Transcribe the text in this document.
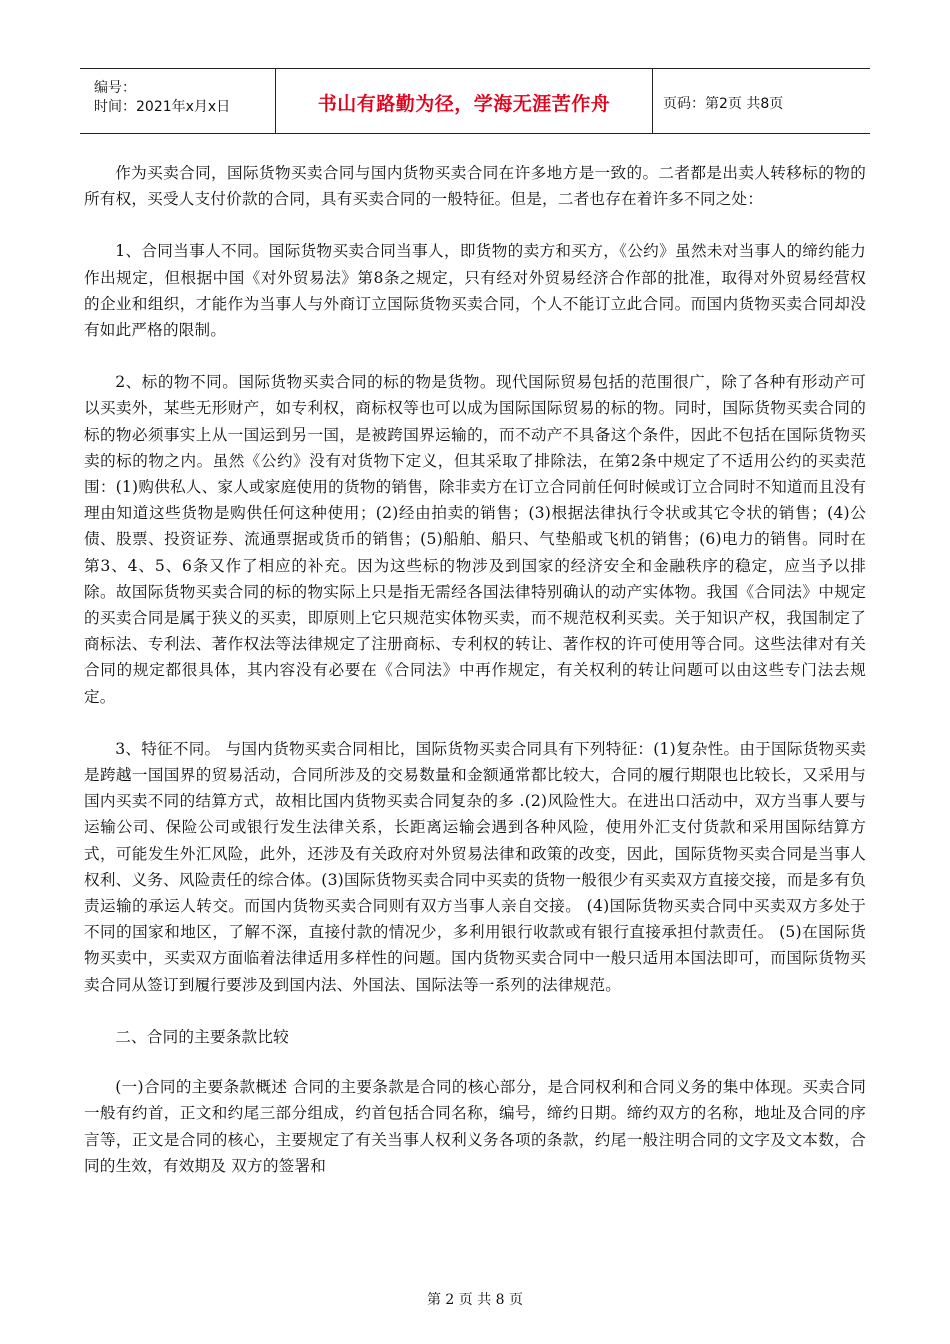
编号：
时间：2021年x月x日	书山有路勤为径，学海无涯苦作舟	页码：第2页 共8页

作为买卖合同，国际货物买卖合同与国内货物买卖合同在许多地方是一致的。二者都是出卖人转移标的物的所有权，买受人支付价款的合同，具有买卖合同的一般特征。但是，二者也存在着许多不同之处：

1、合同当事人不同。国际货物买卖合同当事人，即货物的卖方和买方，《公约》虽然未对当事人的缔约能力作出规定，但根据中国《对外贸易法》第8条之规定，只有经对外贸易经济合作部的批准，取得对外贸易经营权的企业和组织，才能作为当事人与外商订立国际货物买卖合同，个人不能订立此合同。而国内货物买卖合同却没有如此严格的限制。

2、标的物不同。国际货物买卖合同的标的物是货物。现代国际贸易包括的范围很广，除了各种有形动产可以买卖外，某些无形财产，如专利权，商标权等也可以成为国际国际贸易的标的物。同时，国际货物买卖合同的标的物必须事实上从一国运到另一国，是被跨国界运输的，而不动产不具备这个条件，因此不包括在国际货物买卖的标的物之内。虽然《公约》没有对货物下定义，但其采取了排除法，在第2条中规定了不适用公约的买卖范围：(1)购供私人、家人或家庭使用的货物的销售，除非卖方在订立合同前任何时候或订立合同时不知道而且没有理由知道这些货物是购供任何这种使用；(2)经由拍卖的销售；(3)根据法律执行令状或其它令状的销售；(4)公债、股票、投资证券、流通票据或货币的销售；(5)船舶、船只、气垫船或飞机的销售；(6)电力的销售。同时在第3、4、5、6条又作了相应的补充。因为这些标的物涉及到国家的经济安全和金融秩序的稳定，应当予以排除。故国际货物买卖合同的标的物实际上只是指无需经各国法律特别确认的动产实体物。我国《合同法》中规定的买卖合同是属于狭义的买卖，即原则上它只规范实体物买卖，而不规范权利买卖。关于知识产权，我国制定了商标法、专利法、著作权法等法律规定了注册商标、专利权的转让、著作权的许可使用等合同。这些法律对有关合同的规定都很具体，其内容没有必要在《合同法》中再作规定，有关权利的转让问题可以由这些专门法去规定。

3、特征不同。 与国内货物买卖合同相比，国际货物买卖合同具有下列特征：(1)复杂性。由于国际货物买卖是跨越一国国界的贸易活动，合同所涉及的交易数量和金额通常都比较大，合同的履行期限也比较长，又采用与国内买卖不同的结算方式，故相比国内货物买卖合同复杂的多 .(2)风险性大。在进出口活动中，双方当事人要与运输公司、保险公司或银行发生法律关系，长距离运输会遇到各种风险，使用外汇支付货款和采用国际结算方式，可能发生外汇风险，此外，还涉及有关政府对外贸易法律和政策的改变，因此，国际货物买卖合同是当事人权利、义务、风险责任的综合体。(3)国际货物买卖合同中买卖的货物一般很少有买卖双方直接交接，而是多有负责运输的承运人转交。而国内货物买卖合同则有双方当事人亲自交接。 (4)国际货物买卖合同中买卖双方多处于不同的国家和地区，了解不深，直接付款的情况少，多利用银行收款或有银行直接承担付款责任。 (5)在国际货物买卖中，买卖双方面临着法律适用多样性的问题。国内货物买卖合同中一般只适用本国法即可，而国际货物买卖合同从签订到履行要涉及到国内法、外国法、国际法等一系列的法律规范。

二、合同的主要条款比较

(一)合同的主要条款概述 合同的主要条款是合同的核心部分，是合同权利和合同义务的集中体现。买卖合同一般有约首，正文和约尾三部分组成，约首包括合同名称，编号，缔约日期。缔约双方的名称，地址及合同的序言等，正文是合同的核心，主要规定了有关当事人权利义务各项的条款，约尾一般注明合同的文字及文本数，合同的生效，有效期及 双方的签署和

第 2 页 共 8 页
